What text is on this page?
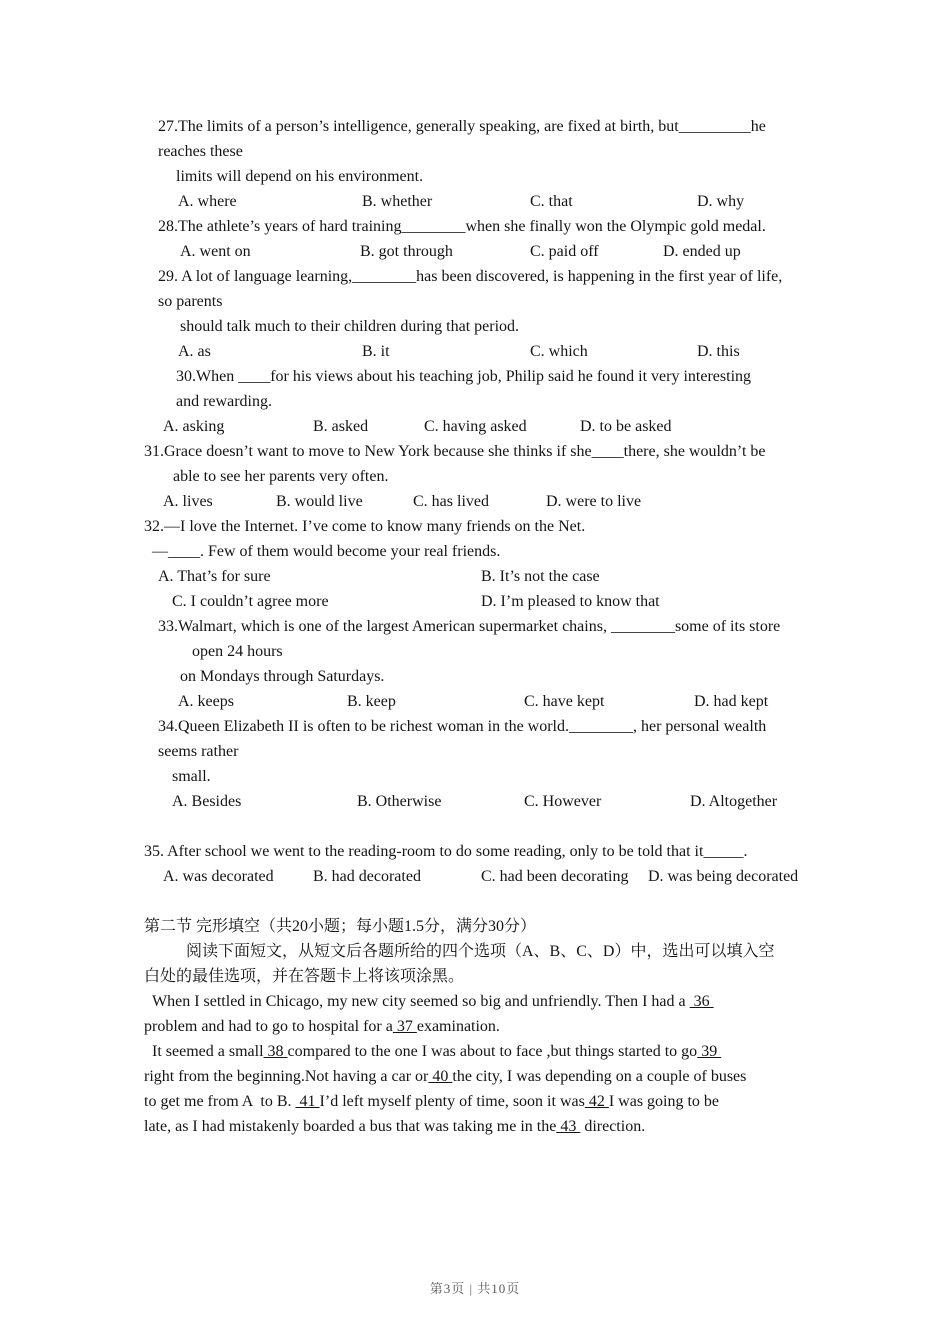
27.The limits of a person’s intelligence, generally speaking, are fixed at birth, but_________he
reaches these
limits will depend on his environment.
A. where	B. whether	C. that	D. why
28.The athlete’s years of hard training________when she finally won the Olympic gold medal.
A. went on	B. got through	C. paid off	D. ended up
29. A lot of language learning,________has been discovered, is happening in the first year of life,
so parents
should talk much to their children during that period.
A. as	B. it	C. which	D. this
30.When ____for his views about his teaching job, Philip said he found it very interesting
and rewarding.
A. asking	B. asked	C. having asked	D. to be asked
31.Grace doesn’t want to move to New York because she thinks if she____there, she wouldn’t be
able to see her parents very often.
A. lives	B. would live	C. has lived	D. were to live
32.—I love the Internet. I’ve come to know many friends on the Net.
—____. Few of them would become your real friends.
A. That’s for sure	B. It’s not the case
C. I couldn’t agree more	D. I’m pleased to know that
33.Walmart, which is one of the largest American supermarket chains, ________some of its store
open 24 hours
on Mondays through Saturdays.
A. keeps	B. keep	C. have kept	D. had kept
34.Queen Elizabeth II is often to be richest woman in the world.________, her personal wealth
seems rather
small.
A. Besides	B. Otherwise	C. However	D. Altogether
35. After school we went to the reading-room to do some reading, only to be told that it_____.
A. was decorated B. had decorated	C. had been decorating D. was being decorated
第二节 完形填空（共20小题；每小题1.5分，满分30分）
阅读下面短文，从短文后各题所给的四个选项（A、B、C、D）中，选出可以填入空
白处的最佳选项，并在答题卡上将该项涂黑。
When I settled in Chicago, my new city seemed so big and unfriendly. Then I had a  36
problem and had to go to hospital for a 37 examination.
It seemed a small 38 compared to the one I was about to face ,but things started to go 39
right from the beginning.Not having a car or 40 the city, I was depending on a couple of buses
to get me from A  to B.  41 I’d left myself plenty of time, soon it was 42 I was going to be
late, as I had mistakenly boarded a bus that was taking me in the 43  direction.
第3页 | 共10页
